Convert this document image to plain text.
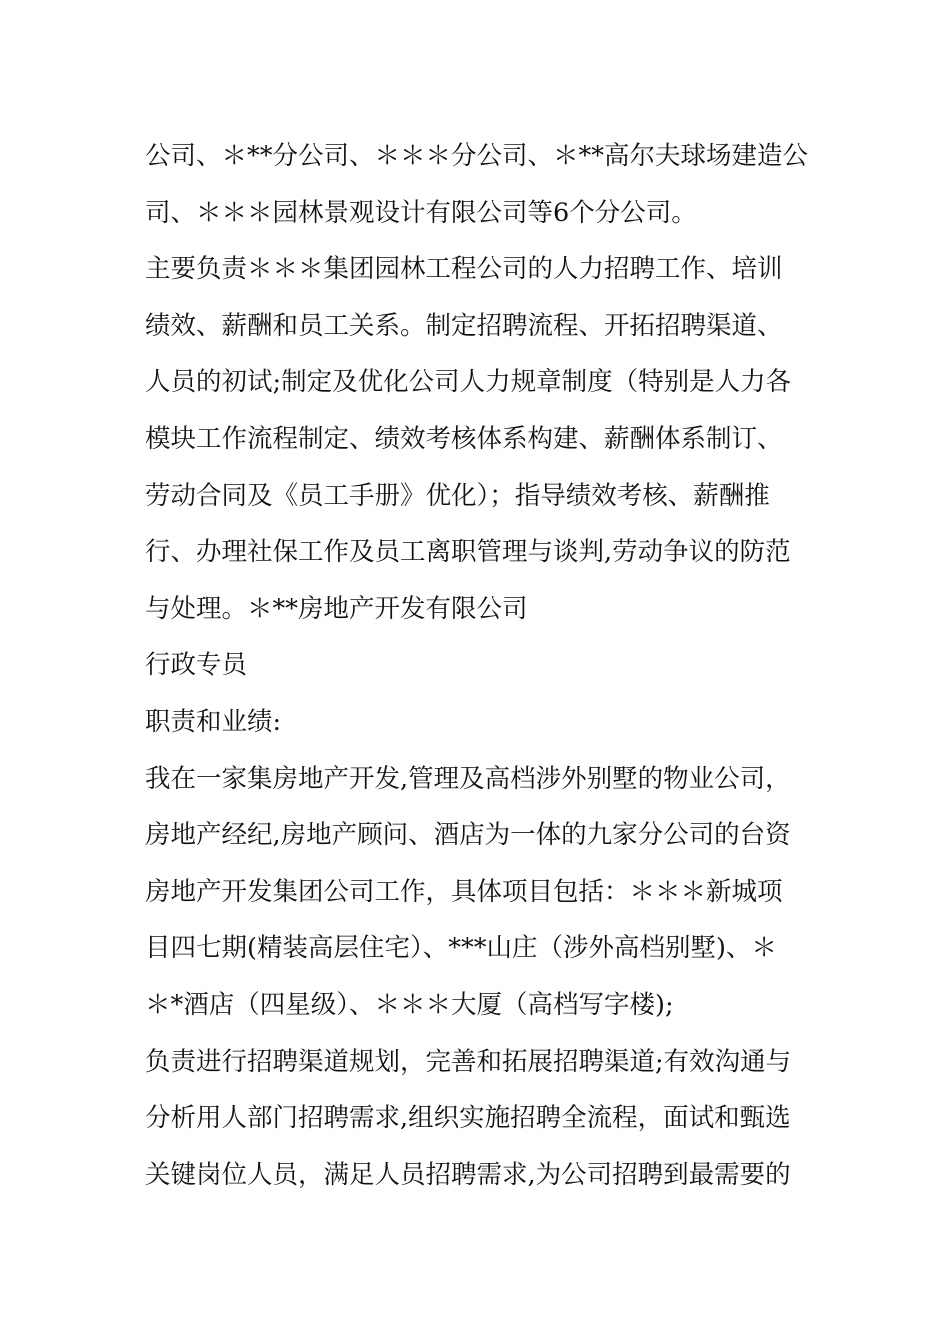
公司、＊**分公司、＊＊＊分公司、＊**高尔夫球场建造公
司、＊＊＊园林景观设计有限公司等6个分公司。

主要负责＊＊＊集团园林工程公司的人力招聘工作、培训
绩效、薪酬和员工关系。制定招聘流程、开拓招聘渠道、
人员的初试;制定及优化公司人力规章制度（特别是人力各
模块工作流程制定、绩效考核体系构建、薪酬体系制订、
劳动合同及《员工手册》优化）；指导绩效考核、薪酬推
行、办理社保工作及员工离职管理与谈判,劳动争议的防范
与处理。＊**房地产开发有限公司

行政专员

职责和业绩:

我在一家集房地产开发,管理及高档涉外别墅的物业公司，
房地产经纪,房地产顾问、酒店为一体的九家分公司的台资
房地产开发集团公司工作，具体项目包括：＊＊＊新城项
目四七期(精装高层住宅）、***山庄（涉外高档别墅)、＊
＊*酒店（四星级）、＊＊＊大厦（高档写字楼);

负责进行招聘渠道规划，完善和拓展招聘渠道;有效沟通与
分析用人部门招聘需求,组织实施招聘全流程，面试和甄选
关键岗位人员，满足人员招聘需求,为公司招聘到最需要的
